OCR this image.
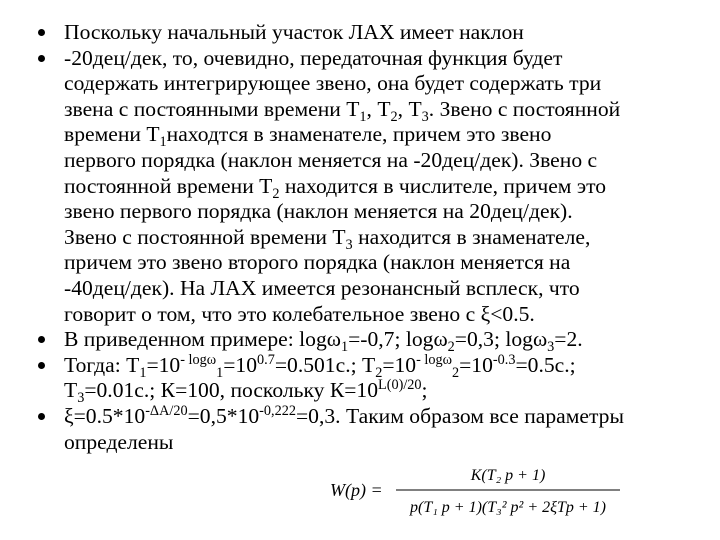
Поскольку начальный участок ЛАХ имеет наклон
-20дец/дек, то, очевидно, передаточная функция будет
содержать интегрирующее звено, она будет содержать три
звена с постоянными времени $Т_1$, $Т_2$, $Т_3$. Звено с постоянной
времени $Т_1находтся$ в знаменателе, причем это звено
первого порядка (наклон меняется на -20дец/дек). Звено с
постоянной времени $Т_2$ находится в числителе, причем это
звено первого порядка (наклон меняется на 20дец/дек).
Звено с постоянной времени $Т_3$ находится в знаменателе,
причем это звено второго порядка (наклон меняется на
-40дец/дек). На ЛАХ имеется резонансный всплеск, что
говорит о том, что это колебательное звено с ξ<0.5.
В приведенном примере: logω$_1$=-0,7; logω$_2$=0,3; logω$_3$=2.
Тогда: $Т_1=10^{- log\omega}_1=10^{0.7}=0.501с$.; $Т_2=10^{- log\omega}_2=10^{-0.3}=0.5с$.;
$Т_3=0.01с$.; К=100, поскольку $К=10^{L(0)/20}$;
$\xi=0.5*10^{-\Delta A/20}=0,5*10^{-0,222}=0,3$. Таким образом все параметры
определены
W(p) =
K(T₂ p + 1)
p(T₁ p + 1)(T₃² p² + 2ξTp + 1)
